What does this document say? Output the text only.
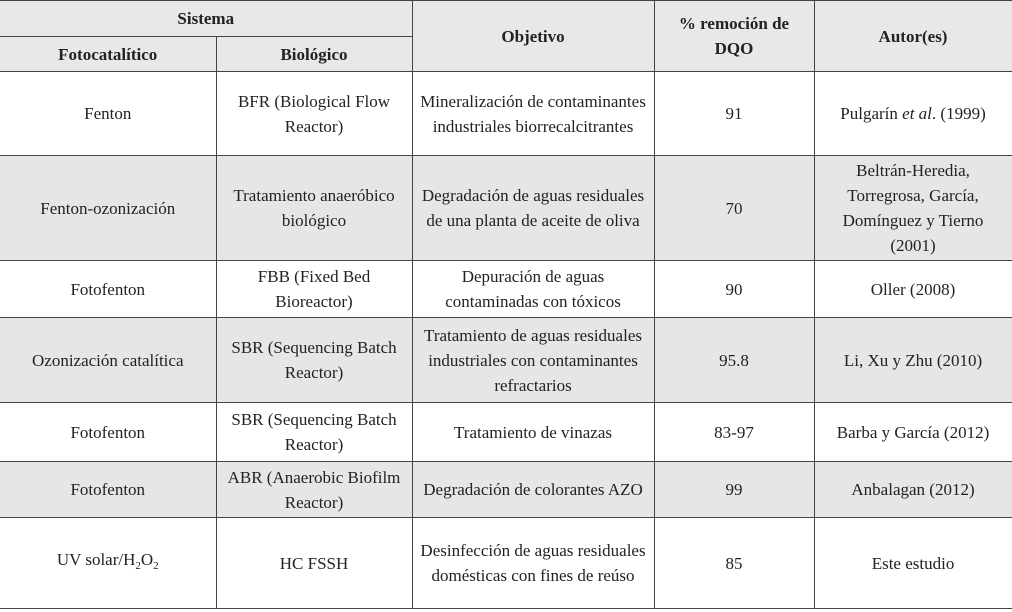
Sistema		Objetivo	% remoción de DQO	Autor(es)
Fotocatalítico	Biológico			
Fenton	BFR (Biological Flow Reactor)	Mineralización de contaminantes industriales biorrecalcitrantes	91	Pulgarín et al. (1999)
Fenton-ozonización	Tratamiento anaeróbico biológico	Degradación de aguas residuales de una planta de aceite de oliva	70	Beltrán-Heredia, Torregrosa, García, Domínguez y Tierno (2001)
Fotofenton	FBB (Fixed Bed Bioreactor)	Depuración de aguas contaminadas con tóxicos	90	Oller (2008)
Ozonización catalítica	SBR (Sequencing Batch Reactor)	Tratamiento de aguas residuales industriales con contaminantes refractarios	95.8	Li, Xu y Zhu (2010)
Fotofenton	SBR (Sequencing Batch Reactor)	Tratamiento de vinazas	83-97	Barba y García (2012)
Fotofenton	ABR (Anaerobic Biofilm Reactor)	Degradación de colorantes AZO	99	Anbalagan (2012)
UV solar/$H_2O_2$	HC FSSH	Desinfección de aguas residuales domésticas con fines de reúso	85	Este estudio
